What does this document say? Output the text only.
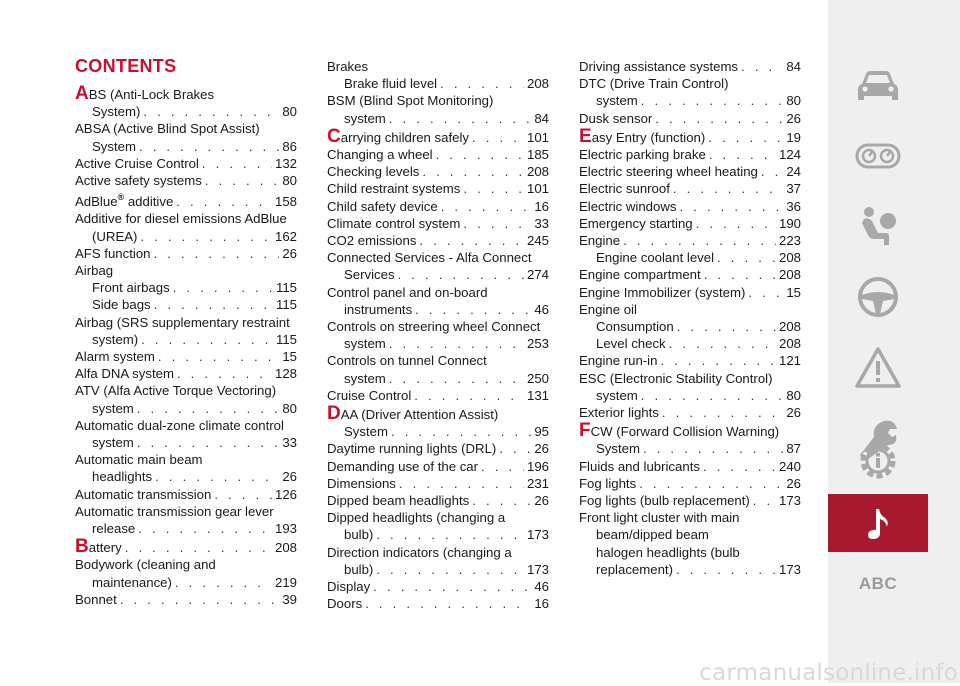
CONTENTS
A BS (Anti-Lock Brakes
System) . . .	80
ABSA (Active Blind Spot Assist)
System . . .	86
Active Cruise Control . . .	132
Active safety systems . . .	80
AdBlue® additive . . .	158
Additive for diesel emissions AdBlue
(UREA) . . .	162
AFS function . . .	26
Airbag
Front airbags . . .	115
Side bags . . .	115
Airbag (SRS supplementary restraint
system) . . .	115
Alarm system . . .	15
Alfa DNA system . . .	128
ATV (Alfa Active Torque Vectoring)
system . . .	80
Automatic dual-zone climate control
system . . .	33
Automatic main beam
headlights . . .	26
Automatic transmission . . .	126
Automatic transmission gear lever
release . . .	193
B attery . . .	208
Bodywork (cleaning and
maintenance) . . .	219
Bonnet . . .	39
Brakes
Brake fluid level . . .	208
BSM (Blind Spot Monitoring)
system . . .	84
C arrying children safely . . .	101
Changing a wheel . . .	185
Checking levels . . .	208
Child restraint systems . . .	101
Child safety device . . .	16
Climate control system . . .	33
CO2 emissions . . .	245
Connected Services - Alfa Connect
Services . . .	274
Control panel and on-board
instruments . . .	46
Controls on streering wheel Connect
system . . .	253
Controls on tunnel Connect
system . . .	250
Cruise Control . . .	131
D AA (Driver Attention Assist)
System . . .	95
Daytime running lights (DRL) . . .	26
Demanding use of the car . . .	196
Dimensions . . .	231
Dipped beam headlights . . .	26
Dipped headlights (changing a
bulb) . . .	173
Direction indicators (changing a
bulb) . . .	173
Display . . .	46
Doors . . .	16
Driving assistance systems . . .	84
DTC (Drive Train Control)
system . . .	80
Dusk sensor . . .	26
E asy Entry (function) . . .	19
Electric parking brake . . .	124
Electric steering wheel heating . . . 24
Electric sunroof . . .	37
Electric windows . . .	36
Emergency starting . . .	190
Engine . . .	223
Engine coolant level . . .	208
Engine compartment . . .	208
Engine Immobilizer (system) . . .	15
Engine oil
Consumption . . .	208
Level check . . .	208
Engine run-in . . .	121
ESC (Electronic Stability Control)
system . . .	80
Exterior lights . . .	26
F CW (Forward Collision Warning)
System . . .	87
Fluids and lubricants . . .	240
Fog lights . . .	26
Fog lights (bulb replacement) . . . 173
Front light cluster with main
beam/dipped beam
halogen headlights (bulb
replacement) . . .	173
ABC
carmanualsonline.info
